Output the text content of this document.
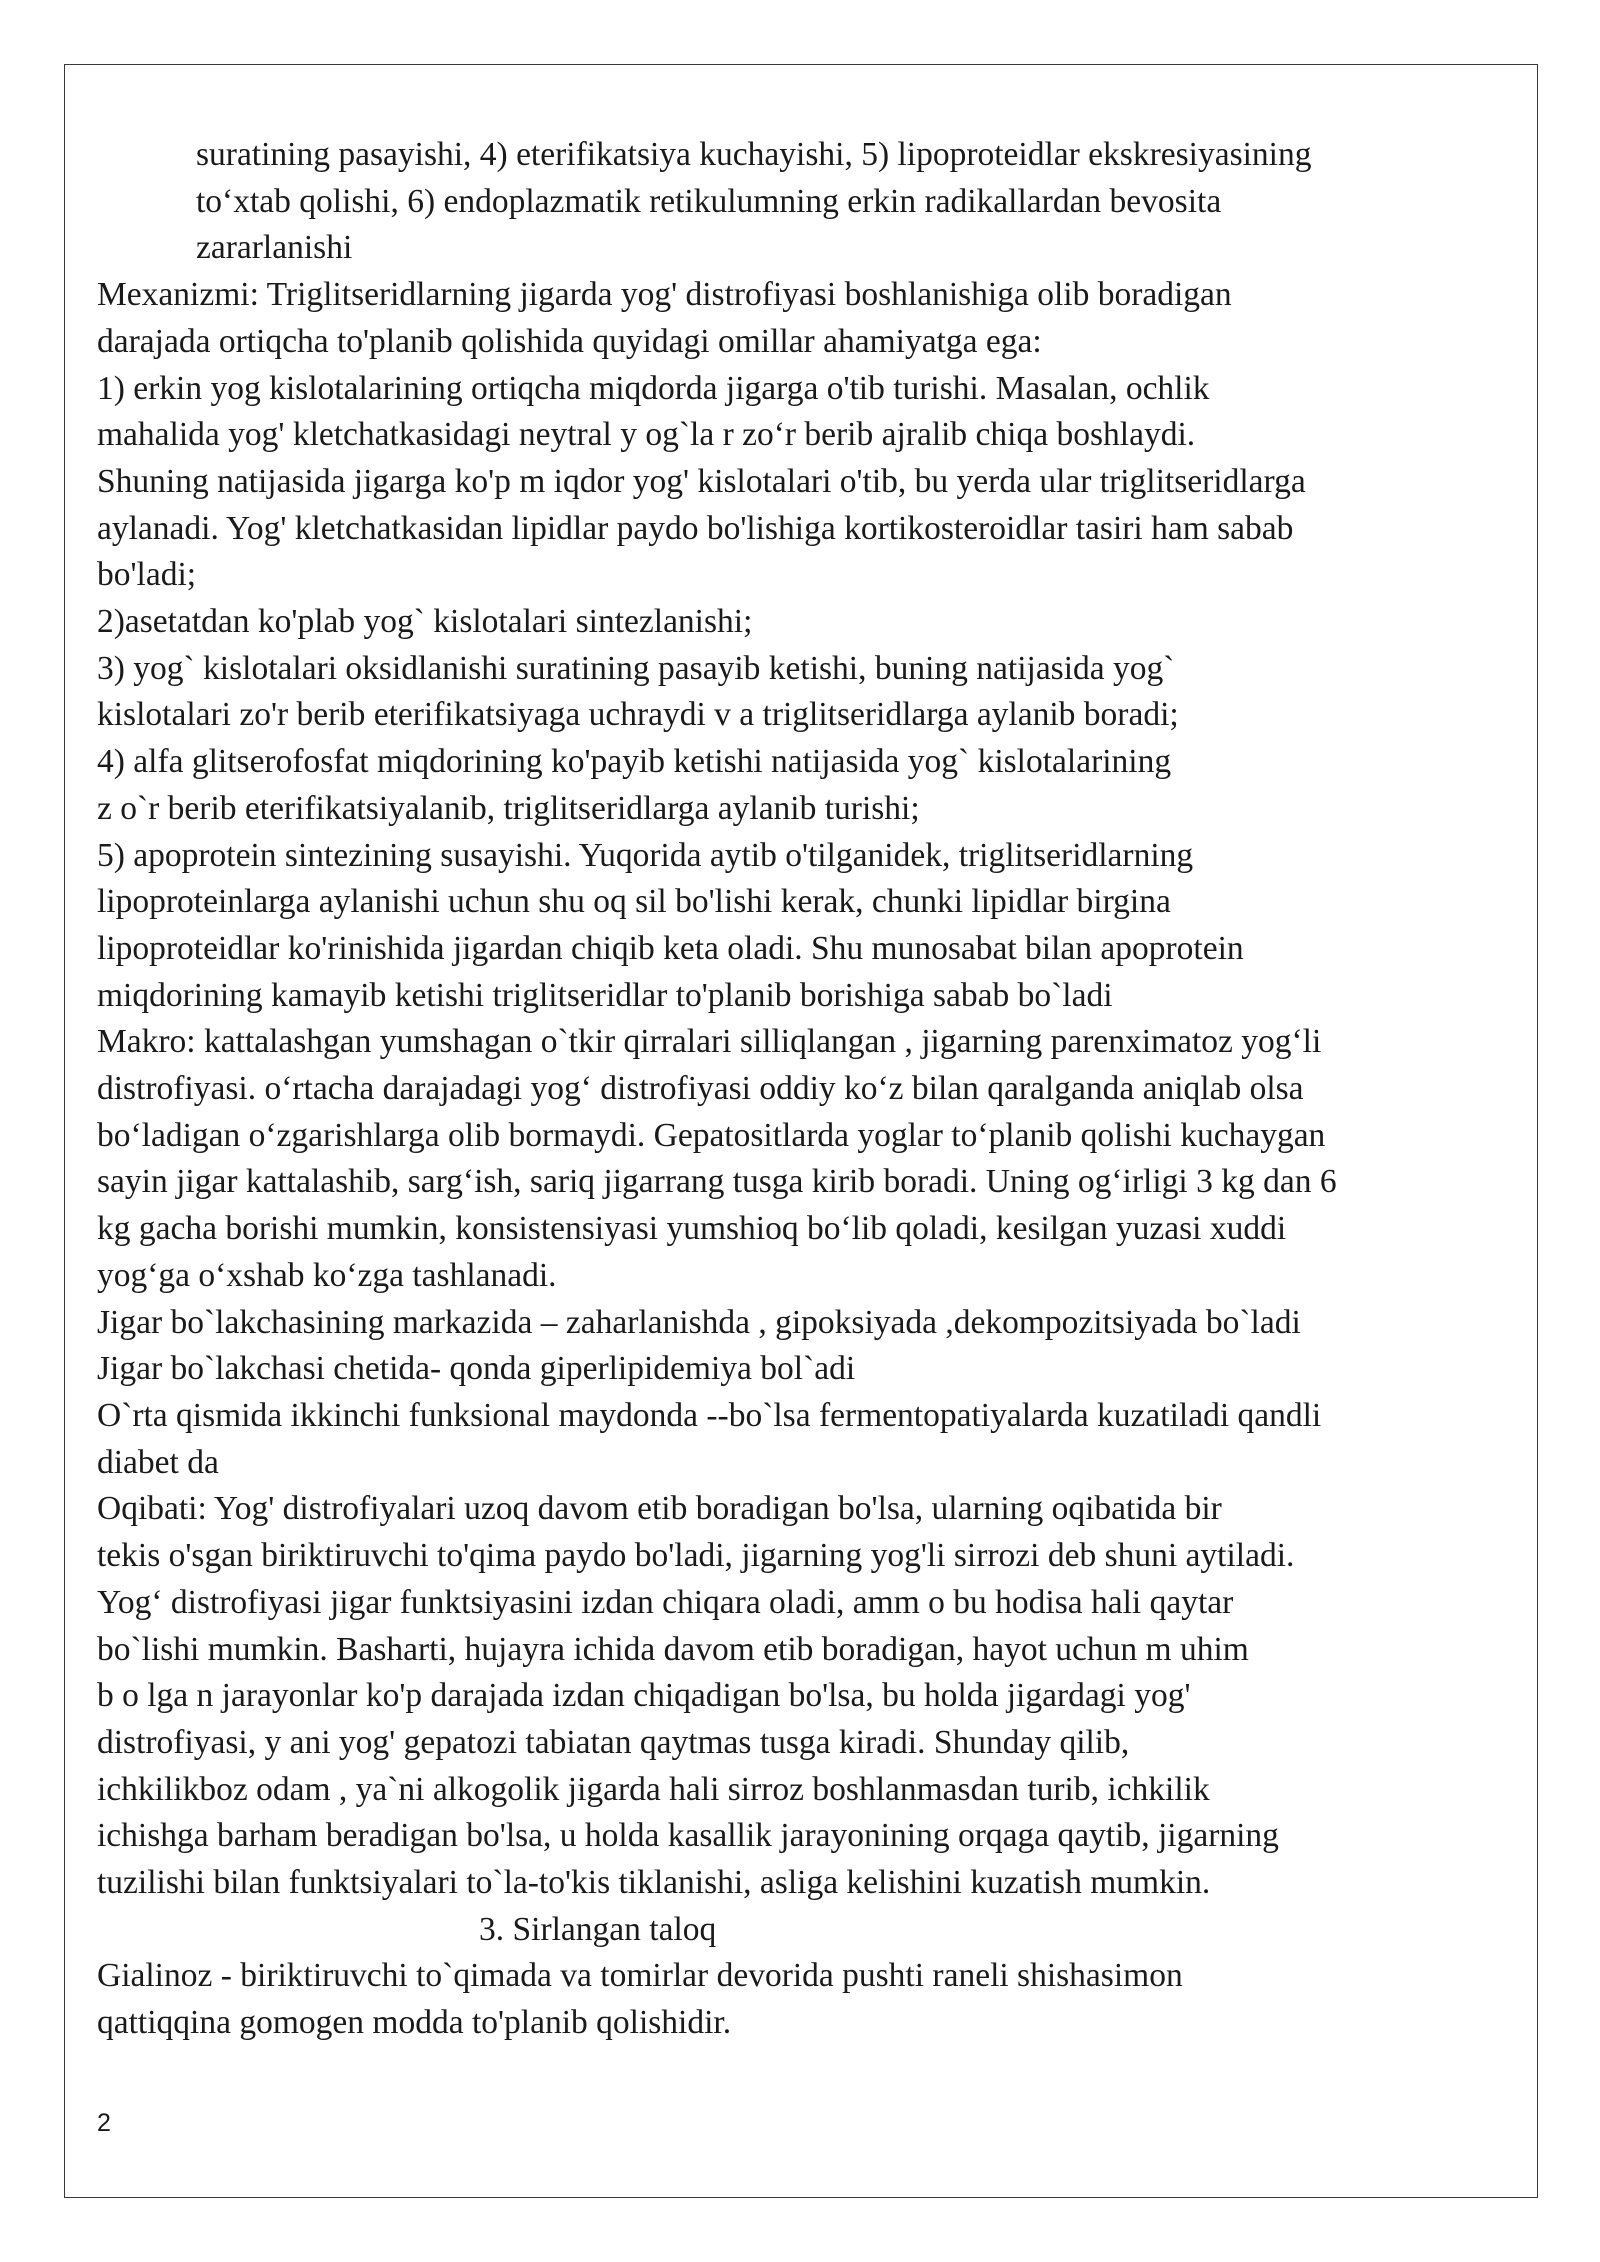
suratining pasayishi, 4) eterifikatsiya kuchayishi, 5) lipoproteidlar ekskresiyasining
toʻxtab qolishi, 6) endoplazmatik retikulumning erkin radikallardan bevosita
zararlanishi
Mexanizmi: Triglitseridlarning jigarda yog' distrofiyasi boshlanishiga olib boradigan
darajada ortiqcha to'planib qolishida quyidagi omillar ahamiyatga ega:
1) erkin yog kislotalarining ortiqcha miqdorda jigarga o'tib turishi. Masalan, ochlik
mahalida yog' kletchatkasidagi neytral y og`la r zoʻr berib ajralib chiqa boshlaydi.
Shuning natijasida jigarga ko'p m iqdor yog' kislotalari o'tib, bu yerda ular triglitseridlarga
aylanadi. Yog' kletchatkasidan lipidlar paydo bo'lishiga kortikosteroidlar tasiri ham sabab
bo'ladi;
2)asetatdan ko'plab yog` kislotalari sintezlanishi;
3) yog` kislotalari oksidlanishi suratining pasayib ketishi, buning natijasida yog`
kislotalari zo'r berib eterifikatsiyaga uchraydi v a triglitseridlarga aylanib boradi;
4) alfa glitserofosfat miqdorining ko'payib ketishi natijasida yog` kislotalarining
z o`r berib eterifikatsiyalanib, triglitseridlarga aylanib turishi;
5) apoprotein sintezining susayishi. Yuqorida aytib o'tilganidek, triglitseridlarning
lipoproteinlarga aylanishi uchun shu oq sil bo'lishi kerak, chunki lipidlar birgina
lipoproteidlar ko'rinishida jigardan chiqib keta oladi. Shu munosabat bilan apoprotein
miqdorining kamayib ketishi triglitseridlar to'planib borishiga sabab bo`ladi
Makro: kattalashgan yumshagan o`tkir qirralari silliqlangan , jigarning parenximatoz yogʻli
distrofiyasi. oʻrtacha darajadagi yogʻ distrofiyasi oddiy koʻz bilan qaralganda aniqlab olsa
boʻladigan oʻzgarishlarga olib bormaydi. Gepatositlarda yoglar toʻplanib qolishi kuchaygan
sayin jigar kattalashib, sargʻish, sariq jigarrang tusga kirib boradi. Uning ogʻirligi 3 kg dan 6
kg gacha borishi mumkin, konsistensiyasi yumshioq boʻlib qoladi, kesilgan yuzasi xuddi
yogʻga oʻxshab koʻzga tashlanadi.
Jigar bo`lakchasining markazida – zaharlanishda , gipoksiyada ,dekompozitsiyada bo`ladi
Jigar bo`lakchasi chetida- qonda giperlipidemiya bol`adi
O`rta qismida ikkinchi funksional maydonda --bo`lsa fermentopatiyalarda kuzatiladi qandli
diabet da
Oqibati: Yog' distrofiyalari uzoq davom etib boradigan bo'lsa, ularning oqibatida bir
tekis o'sgan biriktiruvchi to'qima paydo bo'ladi, jigarning yog'li sirrozi deb shuni aytiladi.
Yogʻ distrofiyasi jigar funktsiyasini izdan chiqara oladi, amm o bu hodisa hali qaytar
bo`lishi mumkin. Basharti, hujayra ichida davom etib boradigan, hayot uchun m uhim
b o lga n jarayonlar ko'p darajada izdan chiqadigan bo'lsa, bu holda jigardagi yog'
distrofiyasi, y ani yog' gepatozi tabiatan qaytmas tusga kiradi. Shunday qilib,
ichkilikboz odam , ya`ni alkogolik jigarda hali sirroz boshlanmasdan turib, ichkilik
ichishga barham beradigan bo'lsa, u holda kasallik jarayonining orqaga qaytib, jigarning
tuzilishi bilan funktsiyalari to`la-to'kis tiklanishi, asliga kelishini kuzatish mumkin.
3. Sirlangan taloq
Gialinoz - biriktiruvchi to`qimada va tomirlar devorida pushti raneli shishasimon
qattiqqina gomogen modda to'planib qolishidir.
2
